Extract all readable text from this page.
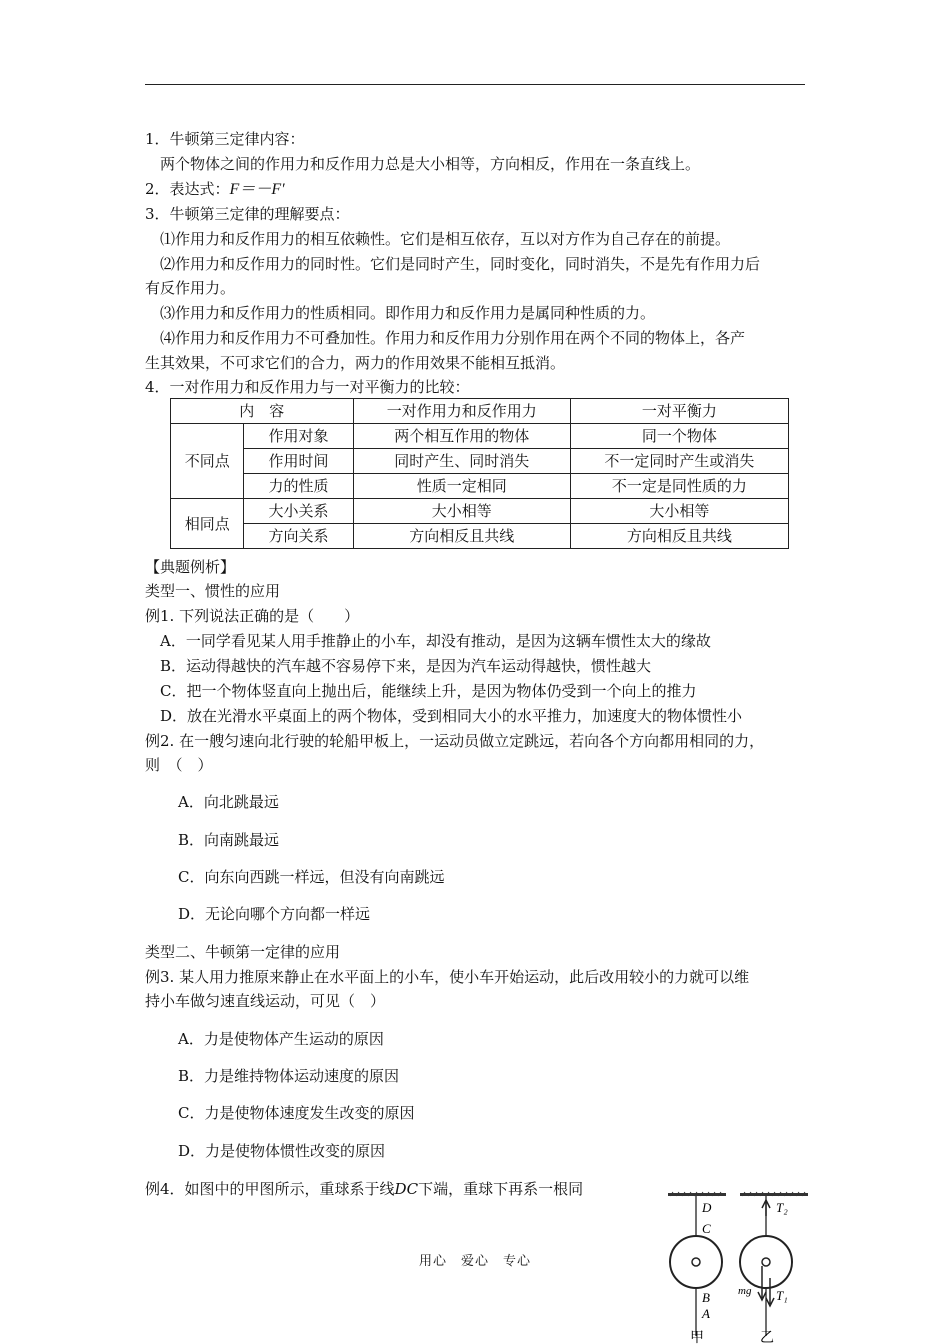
1．牛顿第三定律内容：
两个物体之间的作用力和反作用力总是大小相等，方向相反，作用在一条直线上。
2．表达式：F＝－F′
3．牛顿第三定律的理解要点：
⑴作用力和反作用力的相互依赖性。它们是相互依存，互以对方作为自己存在的前提。
⑵作用力和反作用力的同时性。它们是同时产生，同时变化，同时消失，不是先有作用力后
有反作用力。
⑶作用力和反作用力的性质相同。即作用力和反作用力是属同种性质的力。
⑷作用力和反作用力不可叠加性。作用力和反作用力分别作用在两个不同的物体上，各产
生其效果，不可求它们的合力，两力的作用效果不能相互抵消。
4．一对作用力和反作用力与一对平衡力的比较：
内　容		一对作用力和反作用力	一对平衡力
不同点	作用对象	两个相互作用的物体	同一个物体
	作用时间	同时产生、同时消失	不一定同时产生或消失
	力的性质	性质一定相同	不一定是同性质的力
相同点	大小关系	大小相等	大小相等
	方向关系	方向相反且共线	方向相反且共线
【典题例析】
类型一、惯性的应用
例1. 下列说法正确的是（　　）
A．一同学看见某人用手推静止的小车，却没有推动，是因为这辆车惯性太大的缘故
B．运动得越快的汽车越不容易停下来，是因为汽车运动得越快，惯性越大
C．把一个物体竖直向上抛出后，能继续上升，是因为物体仍受到一个向上的推力
D．放在光滑水平桌面上的两个物体，受到相同大小的水平推力，加速度大的物体惯性小
例2. 在一艘匀速向北行驶的轮船甲板上，一运动员做立定跳远，若向各个方向都用相同的力，
则　（　）
A．向北跳最远
B．向南跳最远
C．向东向西跳一样远，但没有向南跳远
D．无论向哪个方向都一样远
类型二、牛顿第一定律的应用
例3. 某人用力推原来静止在水平面上的小车，使小车开始运动，此后改用较小的力就可以维
持小车做匀速直线运动，可见（　）
A．力是使物体产生运动的原因
B．力是维持物体运动速度的原因
C．力是使物体速度发生改变的原因
D．力是使物体惯性改变的原因
例4．如图中的甲图所示，重球系于线DC下端，重球下再系一根同
D
C
B
A
T₂
mg T₁
甲	乙
用心　爱心　专心
